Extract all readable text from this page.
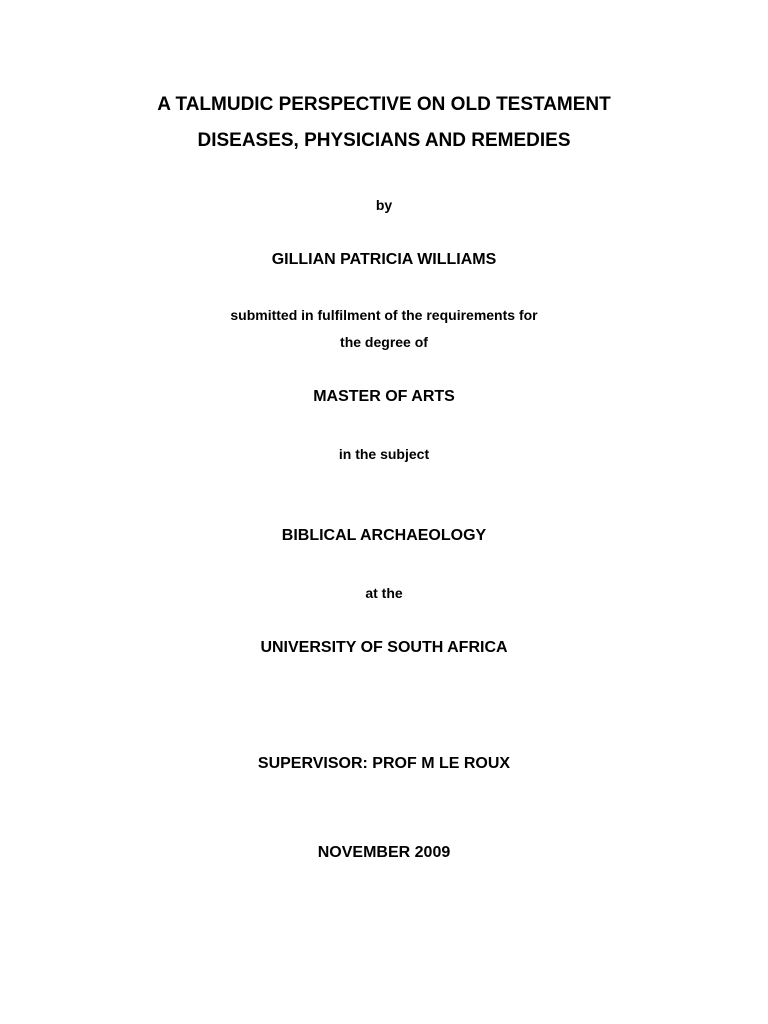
A TALMUDIC PERSPECTIVE ON OLD TESTAMENT
DISEASES, PHYSICIANS AND REMEDIES
by
GILLIAN PATRICIA WILLIAMS
submitted in fulfilment of the requirements for
the degree of
MASTER OF ARTS
in the subject
BIBLICAL ARCHAEOLOGY
at the
UNIVERSITY OF SOUTH AFRICA
SUPERVISOR: PROF M LE ROUX
NOVEMBER 2009
